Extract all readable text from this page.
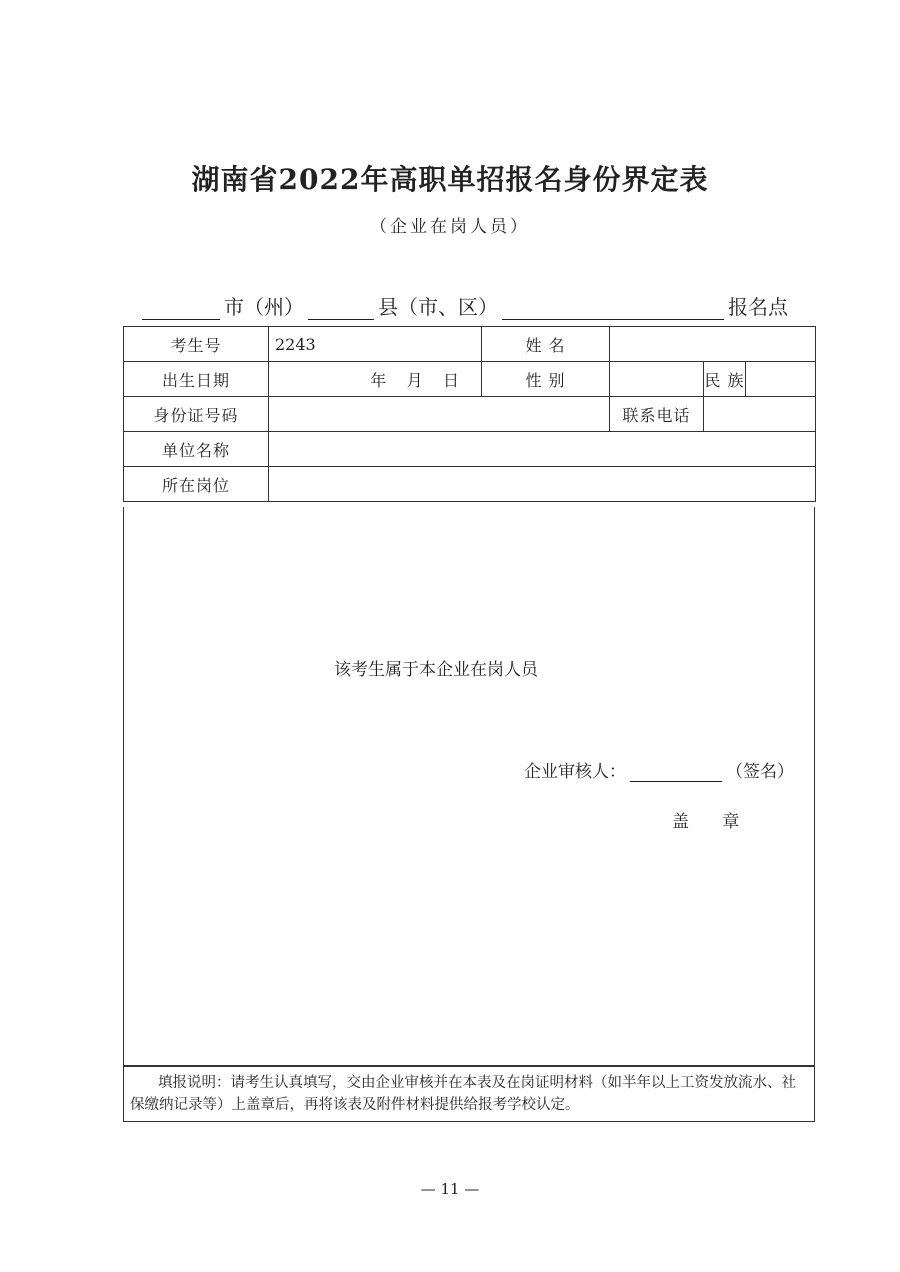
湖南省2022年高职单招报名身份界定表
（企业在岗人员）
市（州）	县（市、区）	报名点
考生号	2243	姓 名			
出生日期	年    月    日	性 别		民 族	
身份证号码			联系电话		
单位名称					
所在岗位					
该考生属于本企业在岗人员
企业审核人：	（签名）
盖 章
填报说明：请考生认真填写，交由企业审核并在本表及在岗证明材料（如半年以上工资发放流水、社保缴纳记录等）上盖章后，再将该表及附件材料提供给报考学校认定。
— 11 —
